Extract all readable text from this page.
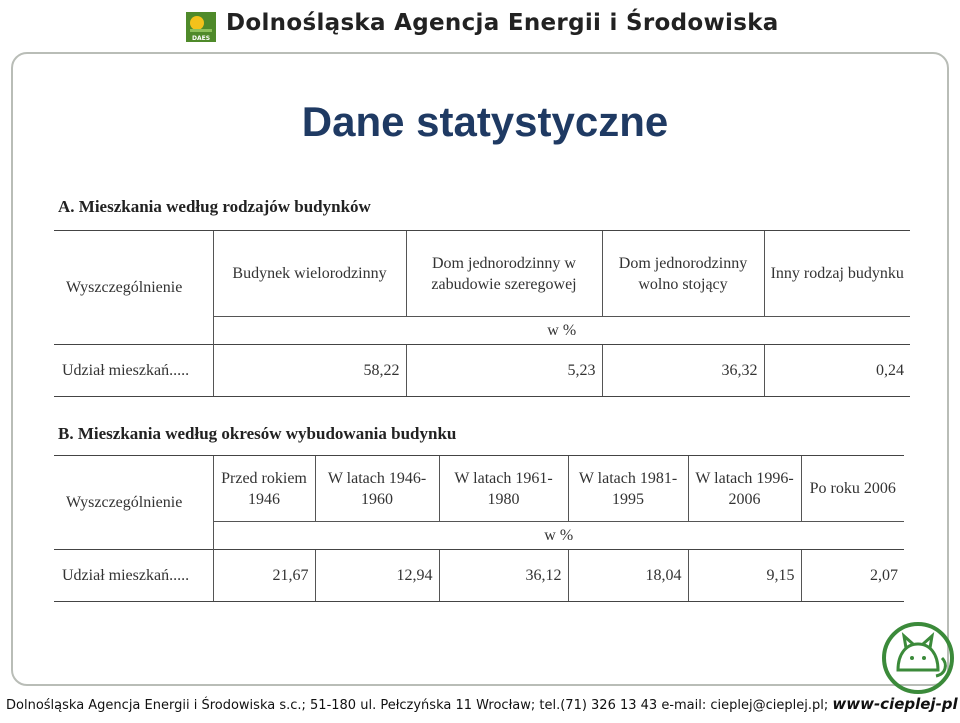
DAES
Dolnośląska Agencja Energii i Środowiska
Dane statystyczne
A. Mieszkania według rodzajów budynków
Wyszczególnienie	Budynek wielorodzinny	Dom jednorodzinny w zabudowie szeregowej	Dom jednorodzinny wolno stojący	Inny rodzaj budynku
	w %			
Udział mieszkań.....	58,22	5,23	36,32	0,24
B. Mieszkania według okresów wybudowania budynku
Wyszczególnienie	Przed rokiem 1946	W latach 1946-1960	W latach 1961-1980	W latach 1981-1995	W latach 1996-2006	Po roku 2006
	w %					
Udział mieszkań.....	21,67	12,94	36,12	18,04	9,15	2,07
Dolnośląska Agencja Energii i Środowiska s.c.; 51-180 ul. Pełczyńska 11 Wrocław; tel.(71) 326 13 43 e-mail: cieplej@cieplej.pl; www-cieplej-pl
